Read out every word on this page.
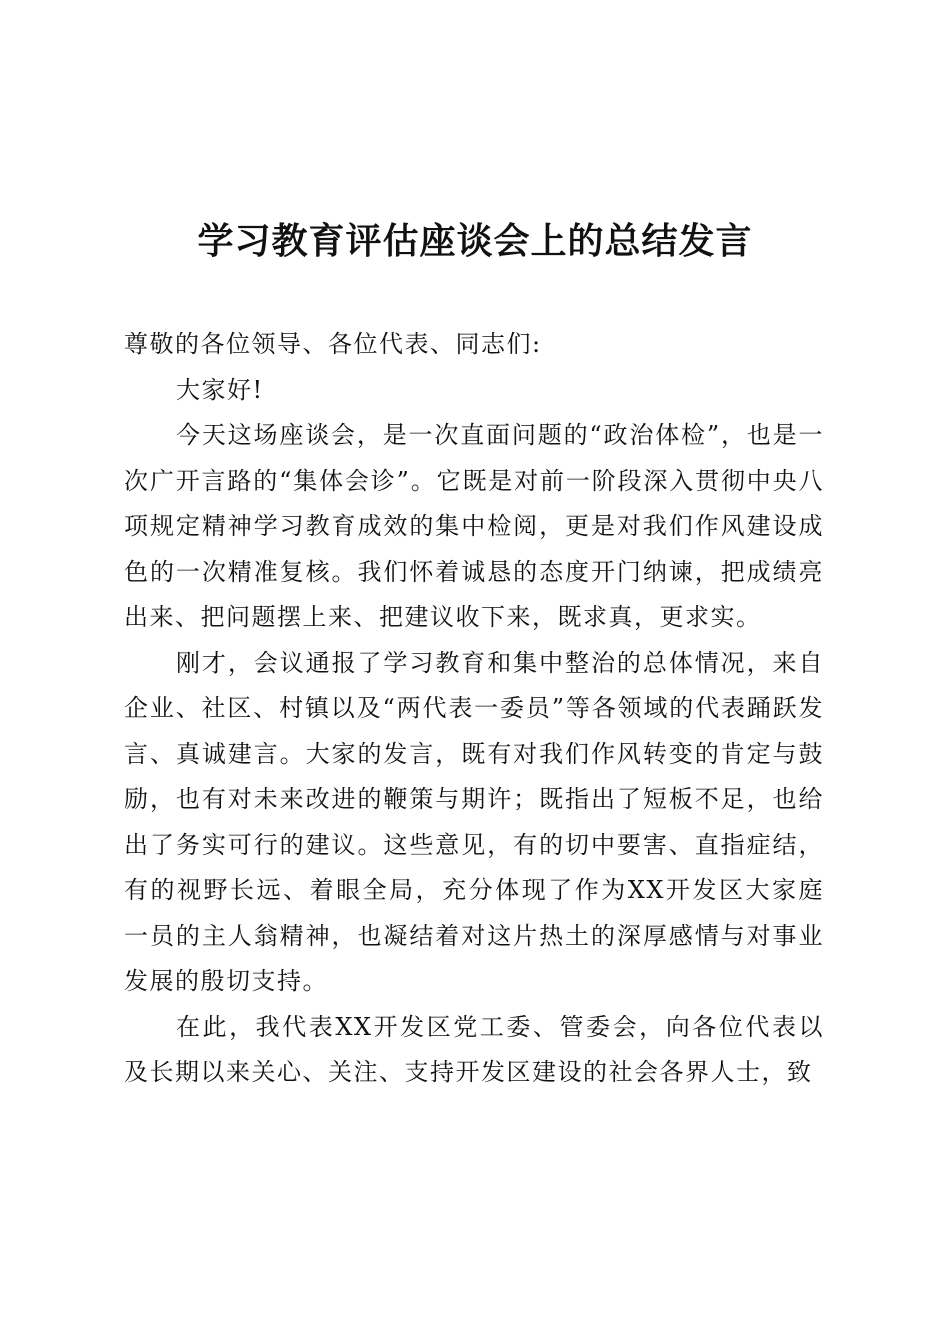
学习教育评估座谈会上的总结发言

尊敬的各位领导、各位代表、同志们:

大家好!

今天这场座谈会，是一次直面问题的“政治体检”，也是一次广开言路的“集体会诊”。它既是对前一阶段深入贯彻中央八项规定精神学习教育成效的集中检阅，更是对我们作风建设成色的一次精准复核。我们怀着诚恳的态度开门纳谏，把成绩亮出来、把问题摆上来、把建议收下来，既求真，更求实。

刚才，会议通报了学习教育和集中整治的总体情况，来自企业、社区、村镇以及“两代表一委员”等各领域的代表踊跃发言、真诚建言。大家的发言，既有对我们作风转变的肯定与鼓励，也有对未来改进的鞭策与期许；既指出了短板不足，也给出了务实可行的建议。这些意见，有的切中要害、直指症结，有的视野长远、着眼全局，充分体现了作为XX开发区大家庭一员的主人翁精神，也凝结着对这片热土的深厚感情与对事业发展的殷切支持。

在此，我代表XX开发区党工委、管委会，向各位代表以及长期以来关心、关注、支持开发区建设的社会各界人士，致
